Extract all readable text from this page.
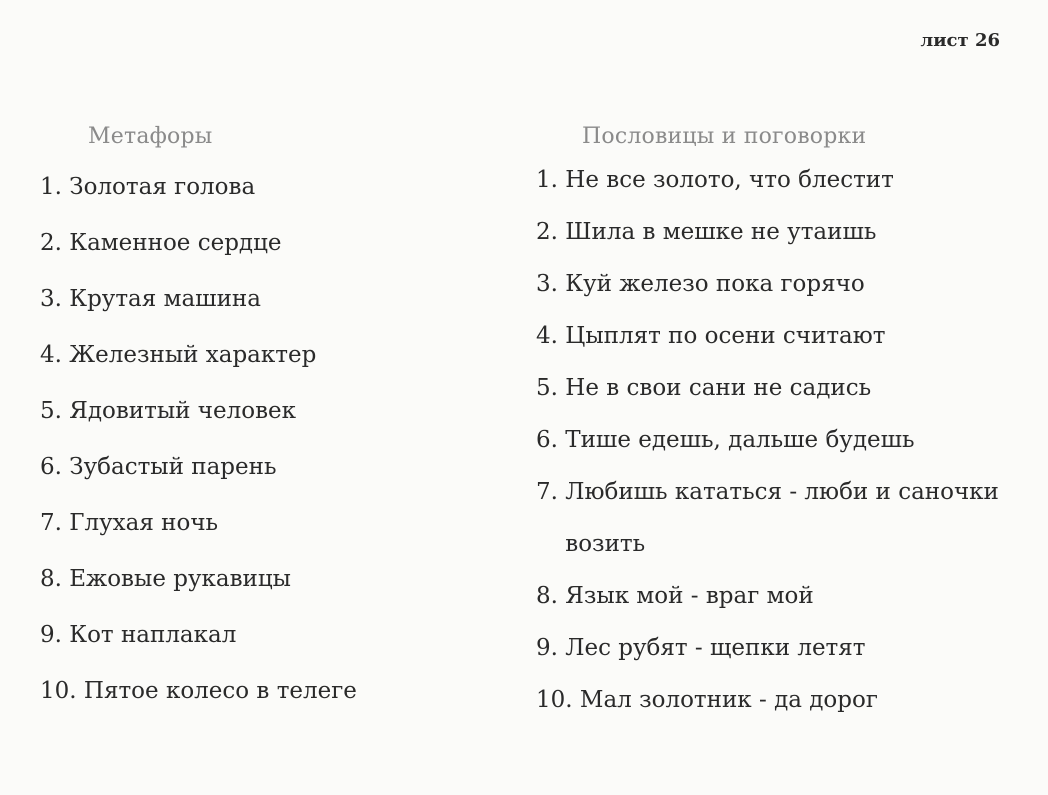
лист 26
Метафоры
1. Золотая голова
2. Каменное сердце
3. Крутая машина
4. Железный характер
5. Ядовитый человек
6. Зубастый парень
7. Глухая ночь
8. Ежовые рукавицы
9. Кот наплакал
10. Пятое колесо в телеге
Пословицы и поговорки
1. Не все золото, что блестит
2. Шила в мешке не утаишь
3. Куй железо пока горячо
4. Цыплят по осени считают
5. Не в свои сани не садись
6. Тише едешь, дальше будешь
7. Любишь кататься - люби и саночки возить
8. Язык мой - враг мой
9. Лес рубят - щепки летят
10. Мал золотник - да дорог
